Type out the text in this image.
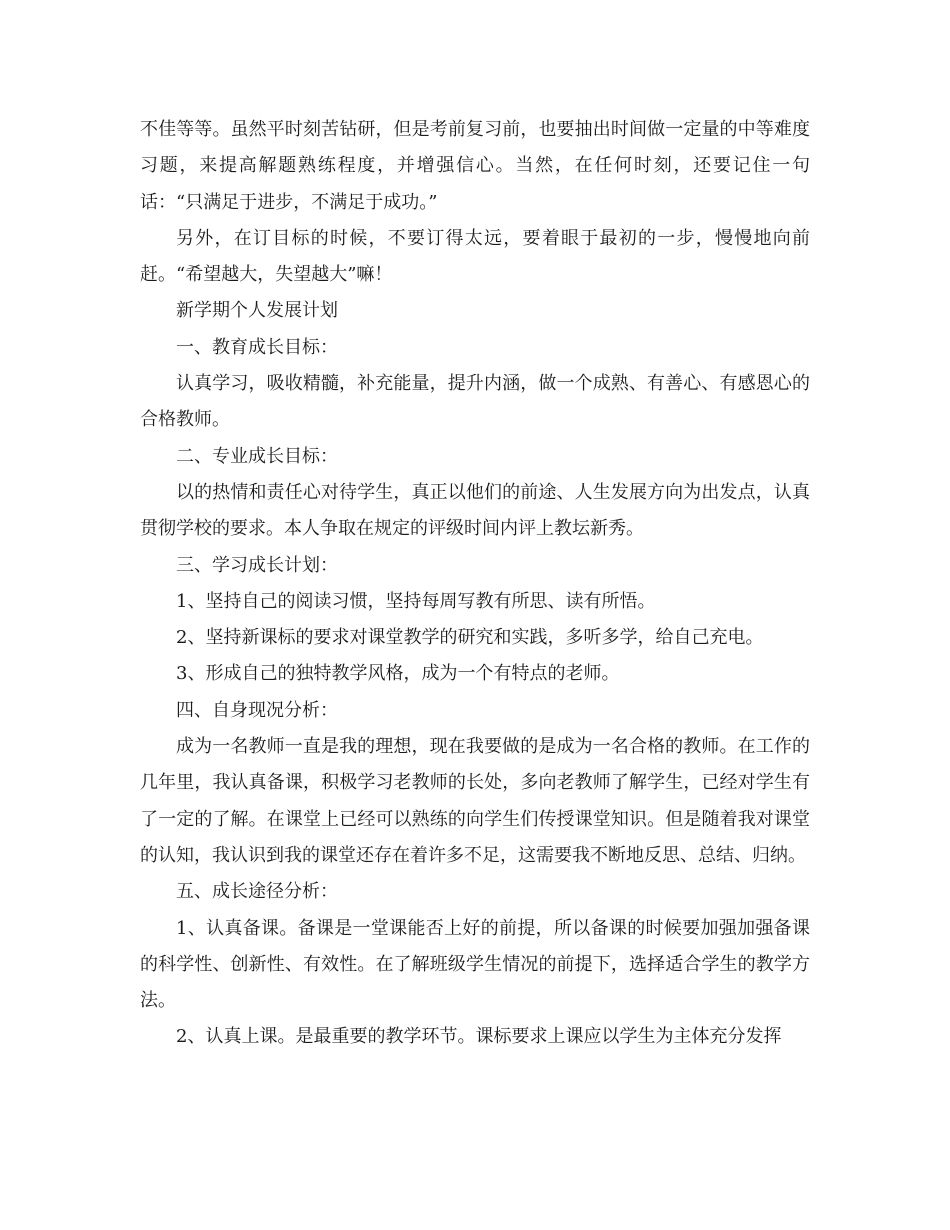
不佳等等。虽然平时刻苦钻研，但是考前复习前，也要抽出时间做一定量的中等难度习题，来提高解题熟练程度，并增强信心。当然，在任何时刻，还要记住一句话：“只满足于进步，不满足于成功。”

另外，在订目标的时候，不要订得太远，要着眼于最初的一步，慢慢地向前赶。“希望越大，失望越大”嘛！

新学期个人发展计划

一、教育成长目标：

认真学习，吸收精髓，补充能量，提升内涵，做一个成熟、有善心、有感恩心的合格教师。

二、专业成长目标：

以的热情和责任心对待学生，真正以他们的前途、人生发展方向为出发点，认真贯彻学校的要求。本人争取在规定的评级时间内评上教坛新秀。

三、学习成长计划：

1、坚持自己的阅读习惯，坚持每周写教有所思、读有所悟。

2、坚持新课标的要求对课堂教学的研究和实践，多听多学，给自己充电。

3、形成自己的独特教学风格，成为一个有特点的老师。

四、自身现况分析：

成为一名教师一直是我的理想，现在我要做的是成为一名合格的教师。在工作的几年里，我认真备课，积极学习老教师的长处，多向老教师了解学生，已经对学生有了一定的了解。在课堂上已经可以熟练的向学生们传授课堂知识。但是随着我对课堂的认知，我认识到我的课堂还存在着许多不足，这需要我不断地反思、总结、归纳。

五、成长途径分析：

1、认真备课。备课是一堂课能否上好的前提，所以备课的时候要加强加强备课的科学性、创新性、有效性。在了解班级学生情况的前提下，选择适合学生的教学方法。

2、认真上课。是最重要的教学环节。课标要求上课应以学生为主体充分发挥
